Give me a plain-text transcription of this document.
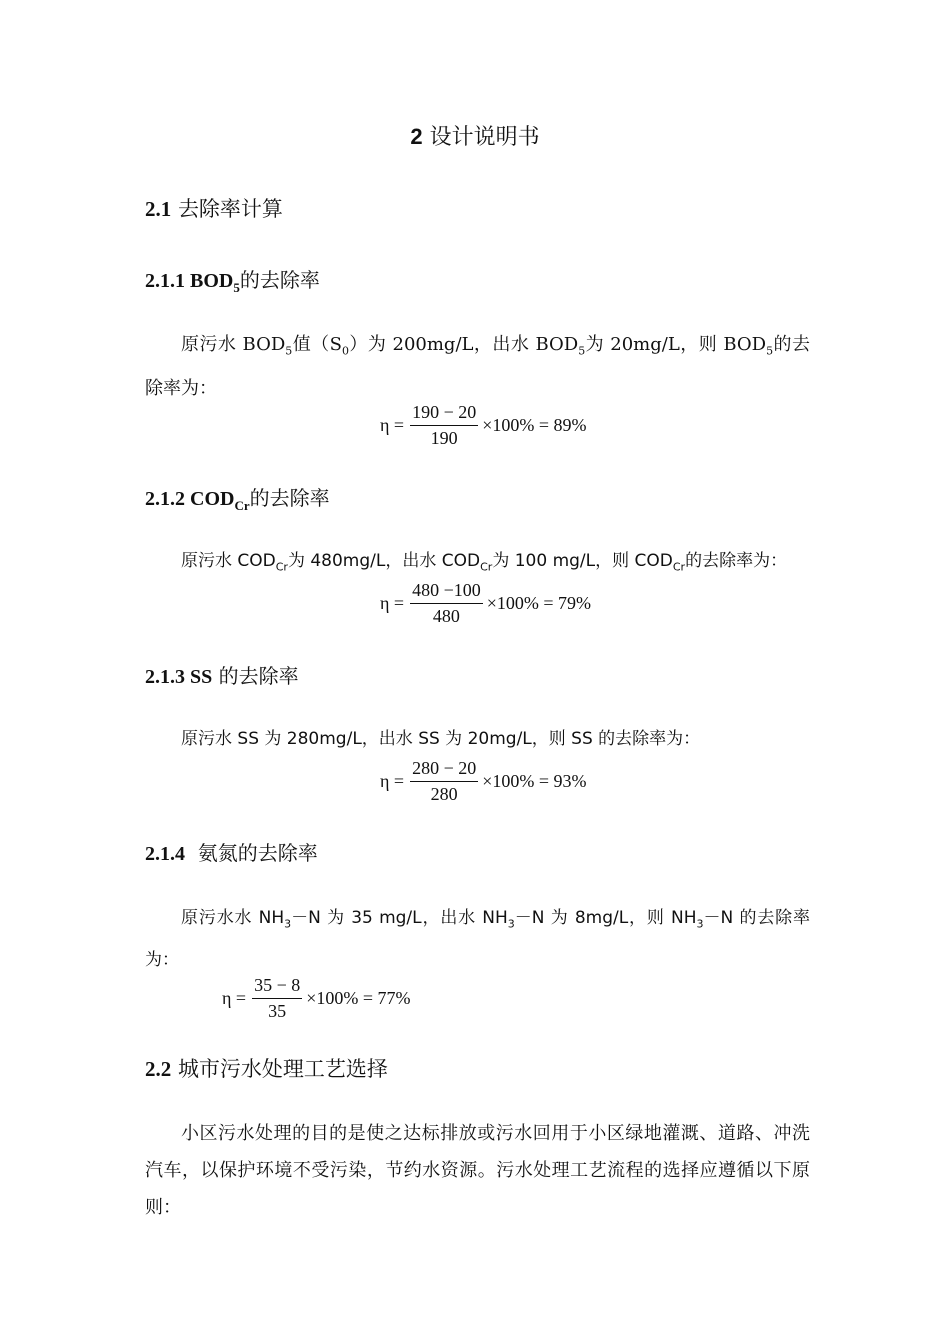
2 设计说明书
2.1 去除率计算
2.1.1 $BOD_5$的去除率
原污水 $BOD_5$值$(S_0)$为 200mg/L，出水 $BOD_5$为 20mg/L，则 $BOD_5$的去除率为：
$\eta = \frac{190 - 20}{190} \times 100\% = 89\%$
2.1.2 $COD_{Cr}$的去除率
原污水 $COD_{Cr}$为 480mg/L，出水 $COD_{Cr}$为 100 mg/L，则 $COD_{Cr}$的去除率为：
$\eta = \frac{480 -100}{480} \times 100\% = 79\%$
2.1.3 SS 的去除率
原污水 SS 为 280mg/L，出水 SS 为 20mg/L，则 SS 的去除率为：
$\eta = \frac{280 - 20}{280} \times 100\% = 93\%$
2.1.4 氨氮的去除率
原污水水 $NH_3-N$ 为 35 mg/L，出水 $NH_3-N$ 为 8mg/L，则 $NH_3-N$ 的去除率为：
$\eta = \frac{35 - 8}{35} \times 100\% = 77\%$
2.2 城市污水处理工艺选择
小区污水处理的目的是使之达标排放或污水回用于小区绿地灌溉、道路、冲洗汽车，以保护环境不受污染，节约水资源。污水处理工艺流程的选择应遵循以下原则：
